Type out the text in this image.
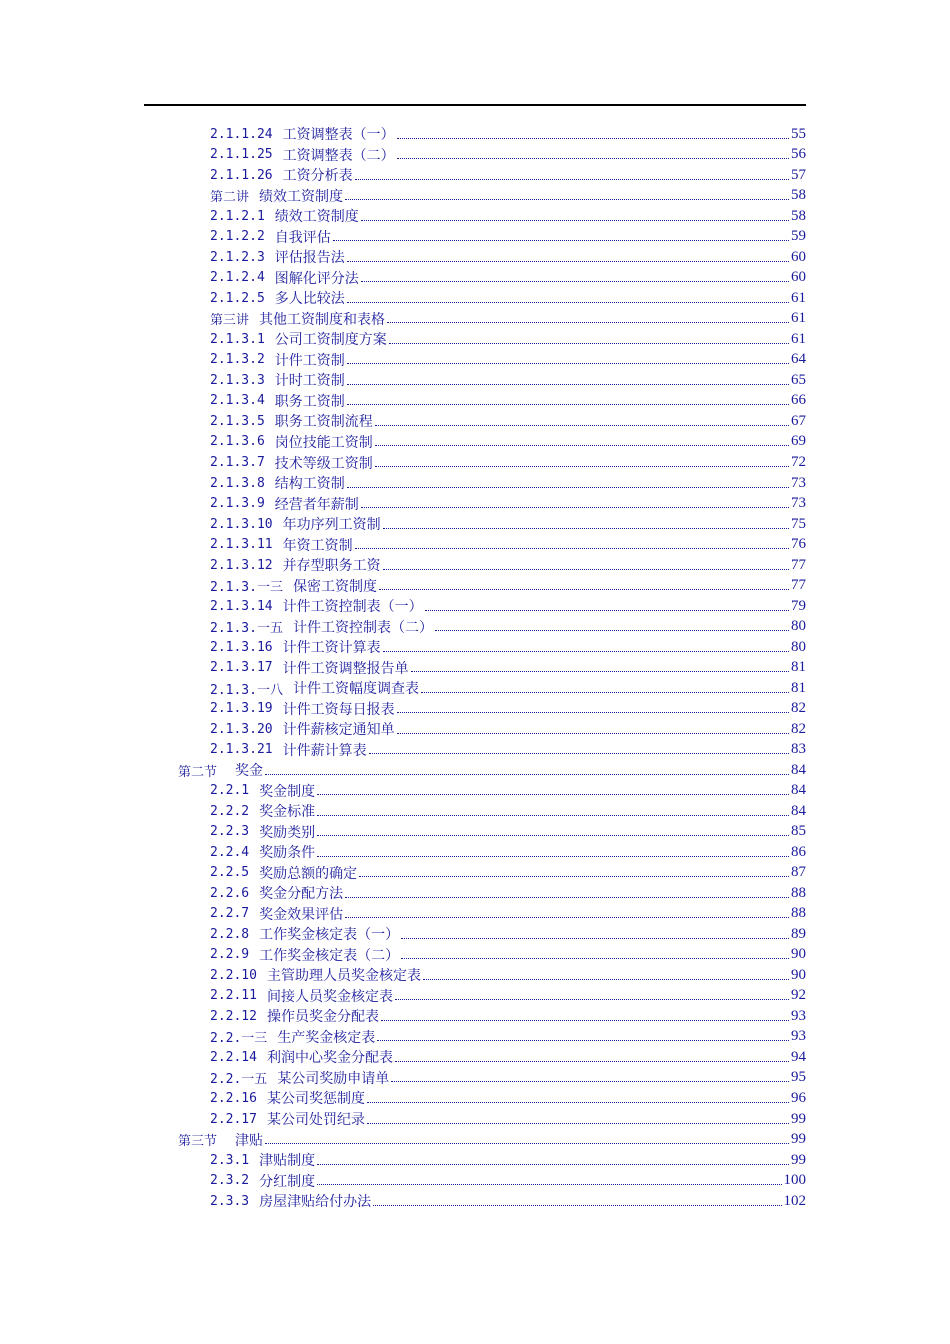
2.1.1.24 工资调整表（一）	55
2.1.1.25 工资调整表（二）	56
2.1.1.26 工资分析表	57
第二讲 绩效工资制度	58
2.1.2.1 绩效工资制度	58
2.1.2.2 自我评估	59
2.1.2.3 评估报告法	60
2.1.2.4 图解化评分法	60
2.1.2.5 多人比较法	61
第三讲 其他工资制度和表格	61
2.1.3.1 公司工资制度方案	61
2.1.3.2 计件工资制	64
2.1.3.3 计时工资制	65
2.1.3.4 职务工资制	66
2.1.3.5 职务工资制流程	67
2.1.3.6 岗位技能工资制	69
2.1.3.7 技术等级工资制	72
2.1.3.8 结构工资制	73
2.1.3.9 经营者年薪制	73
2.1.3.10 年功序列工资制	75
2.1.3.11 年资工资制	76
2.1.3.12 并存型职务工资	77
2.1.3.一三 保密工资制度	77
2.1.3.14 计件工资控制表（一）	79
2.1.3.一五 计件工资控制表（二）	80
2.1.3.16 计件工资计算表	80
2.1.3.17 计件工资调整报告单	81
2.1.3.一八 计件工资幅度调查表	81
2.1.3.19 计件工资每日报表	82
2.1.3.20 计件薪核定通知单	82
2.1.3.21 计件薪计算表	83
第二节 奖金	84
2.2.1 奖金制度	84
2.2.2 奖金标准	84
2.2.3 奖励类别	85
2.2.4 奖励条件	86
2.2.5 奖励总额的确定	87
2.2.6 奖金分配方法	88
2.2.7 奖金效果评估	88
2.2.8 工作奖金核定表（一）	89
2.2.9 工作奖金核定表（二）	90
2.2.10 主管助理人员奖金核定表	90
2.2.11 间接人员奖金核定表	92
2.2.12 操作员奖金分配表	93
2.2.一三 生产奖金核定表	93
2.2.14 利润中心奖金分配表	94
2.2.一五 某公司奖励申请单	95
2.2.16 某公司奖惩制度	96
2.2.17 某公司处罚纪录	99
第三节 津贴	99
2.3.1 津贴制度	99
2.3.2 分红制度	100
2.3.3 房屋津贴给付办法	102
